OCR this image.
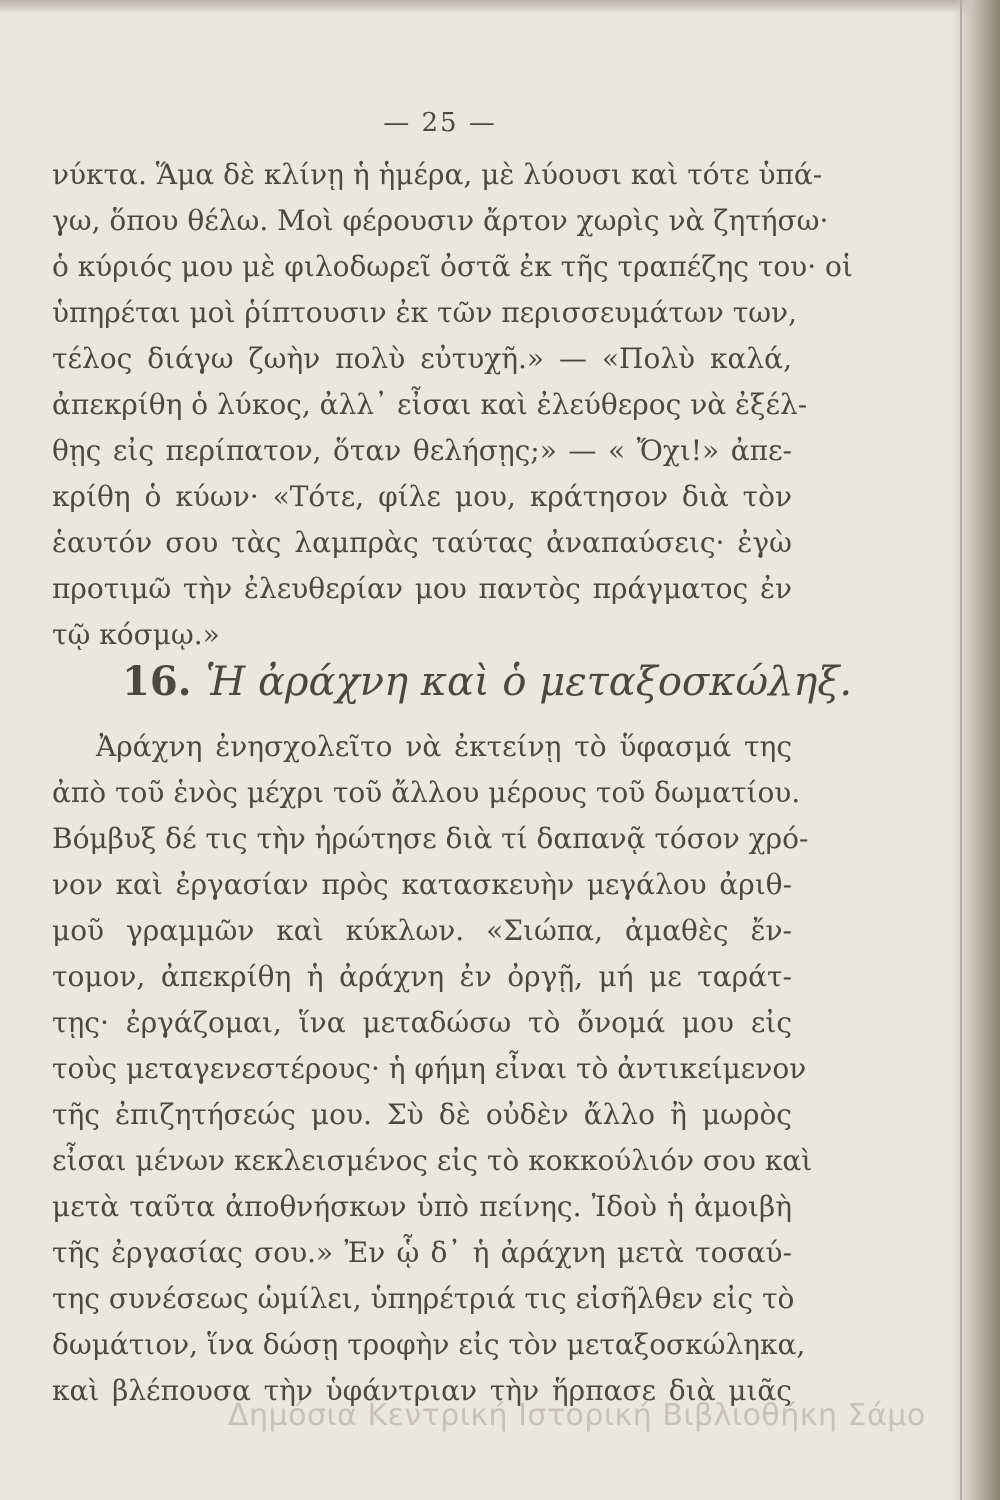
— 25 —
νύκτα. Ἅμα δὲ κλίνῃ ἡ ἡμέρα, μὲ λύουσι καὶ τότε ὑπά-
γω, ὅπου θέλω. Μοὶ φέρουσιν ἄρτον χωρὶς νὰ ζητήσω·
ὁ κύριός μου μὲ φιλοδωρεῖ ὀστᾶ ἐκ τῆς τραπέζης του· οἱ
ὑπηρέται μοὶ ῥίπτουσιν ἐκ τῶν περισσευμάτων των,
τέλος διάγω ζωὴν πολὺ εὐτυχῆ.» — «Πολὺ καλά,
ἀπεκρίθη ὁ λύκος, ἀλλ᾽ εἶσαι καὶ ἐλεύθερος νὰ ἐξέλ-
θῃς εἰς περίπατον, ὅταν θελήσῃς;» — « Ὄχι!» ἀπε-
κρίθη ὁ κύων· «Τότε, φίλε μου, κράτησον διὰ τὸν
ἑαυτόν σου τὰς λαμπρὰς ταύτας ἀναπαύσεις· ἐγὼ
προτιμῶ τὴν ἐλευθερίαν μου παντὸς πράγματος ἐν
τῷ κόσμῳ.»
16. Ἡ ἀράχνη καὶ ὁ μεταξοσκώληξ.
Ἀράχνη ἐνησχολεῖτο νὰ ἐκτείνῃ τὸ ὕφασμά της
ἀπὸ τοῦ ἑνὸς μέχρι τοῦ ἄλλου μέρους τοῦ δωματίου.
Βόμβυξ δέ τις τὴν ἠρώτησε διὰ τί δαπανᾷ τόσον χρό-
νον καὶ ἐργασίαν πρὸς κατασκευὴν μεγάλου ἀριθ-
μοῦ γραμμῶν καὶ κύκλων. «Σιώπα, ἀμαθὲς ἔν-
τομον, ἀπεκρίθη ἡ ἀράχνη ἐν ὀργῇ, μή με ταράτ-
τῃς· ἐργάζομαι, ἵνα μεταδώσω τὸ ὄνομά μου εἰς
τοὺς μεταγενεστέρους· ἡ φήμη εἶναι τὸ ἀντικείμενον
τῆς ἐπιζητήσεώς μου. Σὺ δὲ οὐδὲν ἄλλο ἢ μωρὸς
εἶσαι μένων κεκλεισμένος εἰς τὸ κοκκούλιόν σου καὶ
μετὰ ταῦτα ἀποθνήσκων ὑπὸ πείνης. Ἰδοὺ ἡ ἀμοιβὴ
τῆς ἐργασίας σου.» Ἐν ᾧ δ᾽ ἡ ἀράχνη μετὰ τοσαύ-
της συνέσεως ὡμίλει, ὑπηρέτριά τις εἰσῆλθεν εἰς τὸ
δωμάτιον, ἵνα δώσῃ τροφὴν εἰς τὸν μεταξοσκώληκα,
καὶ βλέπουσα τὴν ὑφάντριαν τὴν ἥρπασε διὰ μιᾶς
Δημόσια Κεντρική Ιστορική Βιβλιοθήκη Σάμο
